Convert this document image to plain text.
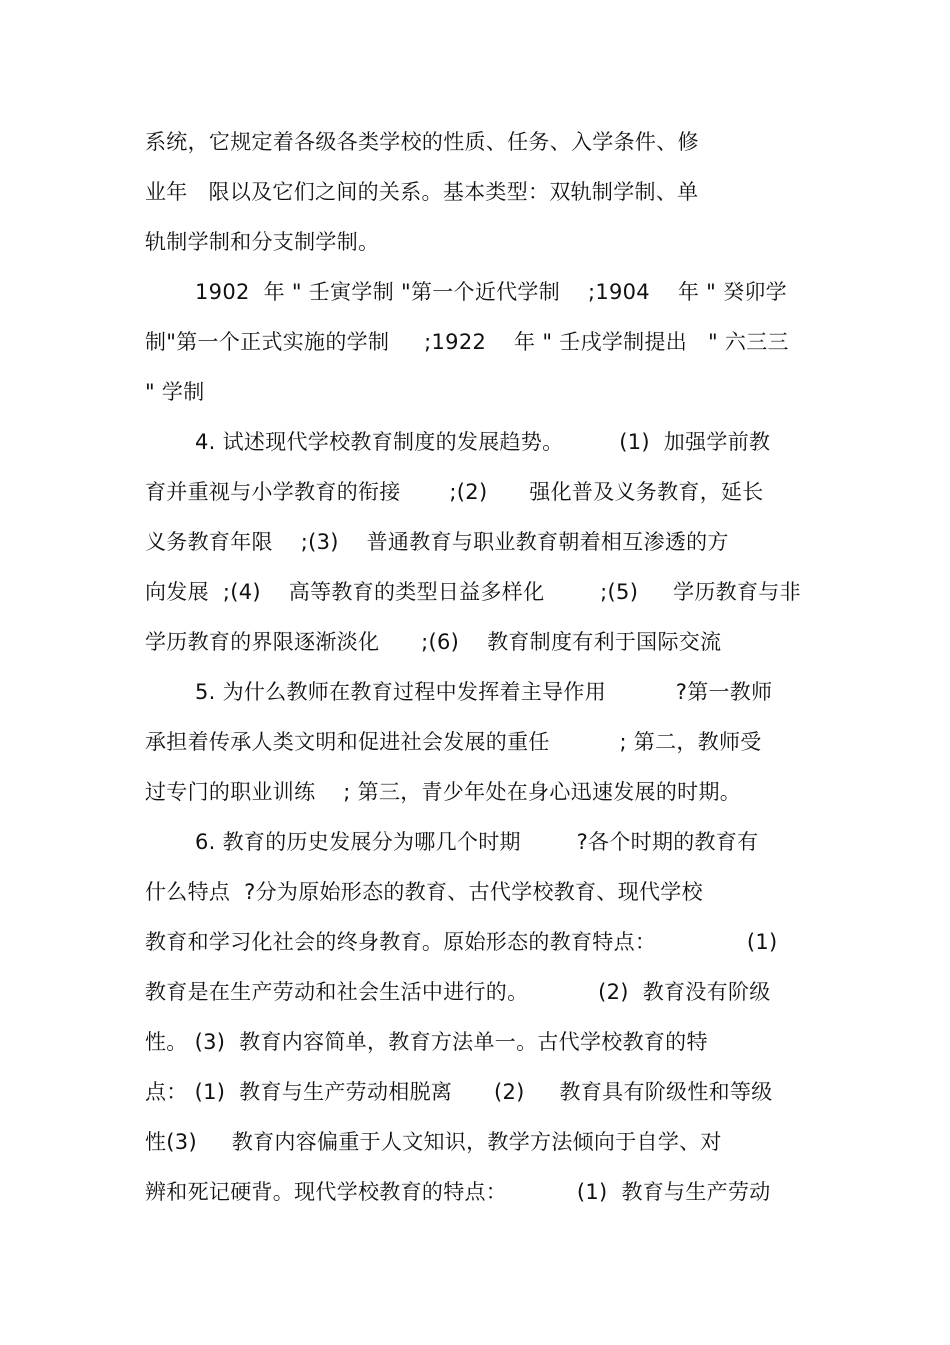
系统，它规定着各级各类学校的性质、任务、入学条件、修
业年   限以及它们之间的关系。基本类型：双轨制学制、单
轨制学制和分支制学制。
1902  年 " 壬寅学制 "第一个近代学制    ;1904    年 " 癸卯学
制"第一个正式实施的学制     ;1922    年 " 壬戌学制提出   " 六三三
" 学制
4. 试述现代学校教育制度的发展趋势。        (1)  加强学前教
育并重视与小学教育的衔接       ;(2)      强化普及义务教育，延长
义务教育年限    ;(3)    普通教育与职业教育朝着相互渗透的方
向发展  ;(4)    高等教育的类型日益多样化        ;(5)     学历教育与非
学历教育的界限逐渐淡化      ;(6)    教育制度有利于国际交流
5. 为什么教师在教育过程中发挥着主导作用          ?第一教师
承担着传承人类文明和促进社会发展的重任          ; 第二，教师受
过专门的职业训练    ; 第三，青少年处在身心迅速发展的时期。
6. 教育的历史发展分为哪几个时期        ?各个时期的教育有
什么特点  ?分为原始形态的教育、古代学校教育、现代学校
教育和学习化社会的终身教育。原始形态的教育特点：             (1)
教育是在生产劳动和社会生活中进行的。          (2)  教育没有阶级
性。 (3)  教育内容简单，教育方法单一。古代学校教育的特
点： (1)  教育与生产劳动相脱离      (2)     教育具有阶级性和等级
性(3)     教育内容偏重于人文知识，教学方法倾向于自学、对
辨和死记硬背。现代学校教育的特点：          (1)  教育与生产劳动
